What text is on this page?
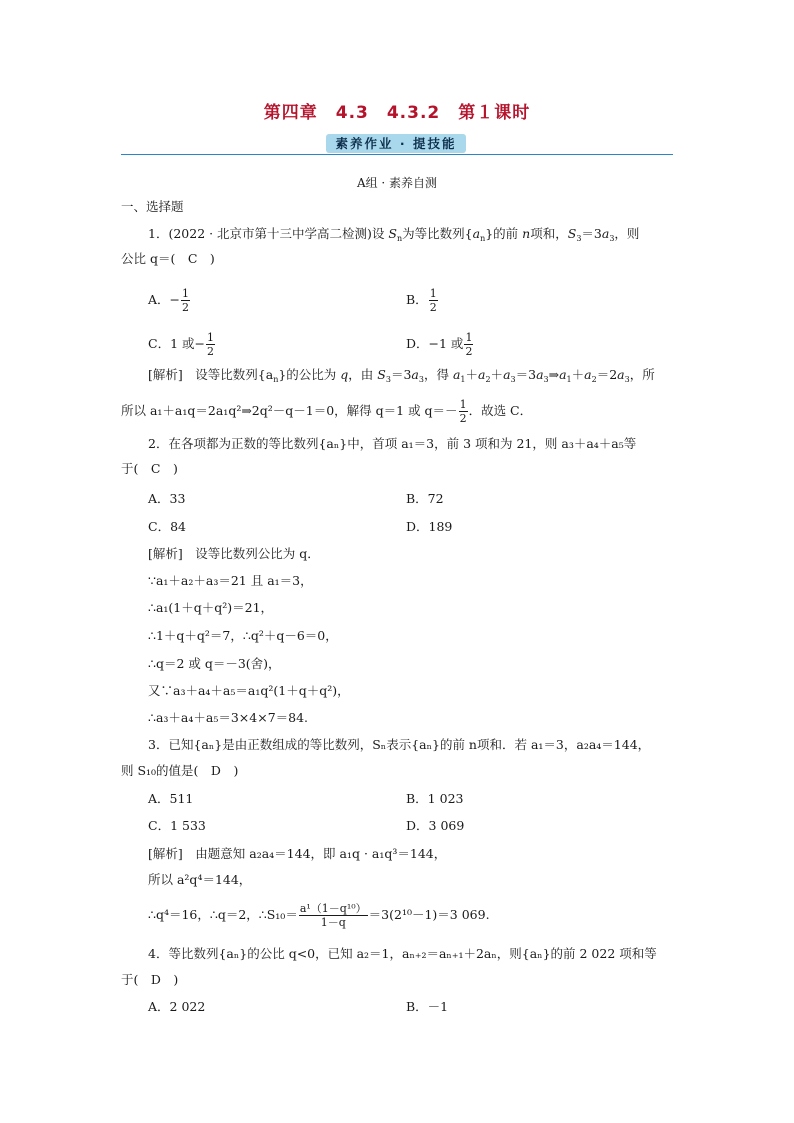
第四章　4.3　4.3.2　第１课时
素养作业 · 提技能
A组 · 素养自测
一、选择题
1．(2022 · 北京市第十三中学高二检测)设 $S_n$为等比数列$\{a_n\}$的前 n项和，$S_3=3a_3$，则
公比 q＝(　C　)
A．− $\frac{1}{2}$	B． $\frac{1}{2}$
C．1 或− $\frac{1}{2}$	D．−1 或 $\frac{1}{2}$
[解析]　 设等比数列$\{a_n\}$的公比为 q，由 $S_3=3a_3$，得 $a_1+a_2+a_3=3a_3\Rightarrow a_1+a_2=2a_3$，所
所以 a₁＋a₁q＝2a₁q²⇒2q²－q－1＝0，解得 q＝1 或 $q=- \frac{1}{2}$ ．故选 C．
2．在各项都为正数的等比数列{aₙ}中，首项 a₁＝3，前 3 项和为 21，则 a₃＋a₄＋a₅等
于(　C　)
A．33	B．72
C．84	D．189
[解析]　 设等比数列公比为 q．
∵a₁＋a₂＋a₃＝21 且 a₁＝3，
∴a₁(1＋q＋q²)＝21，
∴1＋q＋q²＝7，∴q²＋q－6＝0，
∴q＝2 或 q＝－3(舍)，
又∵a₃＋a₄＋a₅＝a₁q²(1＋q＋q²)，
∴a₃＋a₄＋a₅＝3×4×7＝84.
3．已知{aₙ}是由正数组成的等比数列，Sₙ表示{aₙ}的前 n项和．若 a₁＝3，a₂a₄＝144，
则 S₁₀的值是(　D　)
A．511	B．1 023
C．1 533	D．3 069
[解析]　 由题意知 a₂a₄＝144，即 a₁q · a₁q³＝144，
所以 a²q⁴＝144，
∴q⁴＝16，∴q＝2，∴S₁₀＝ $\frac{\text{a¹（1－q¹⁰）}}{1-q} =3(2^{10}-1)=3$ 069.
4．等比数列{aₙ}的公比 q<0，已知 a₂＝1，aₙ₊₂＝aₙ₊₁＋2aₙ，则{aₙ}的前 2 022 项和等
于(　D　)
A．2 022	B．－1
